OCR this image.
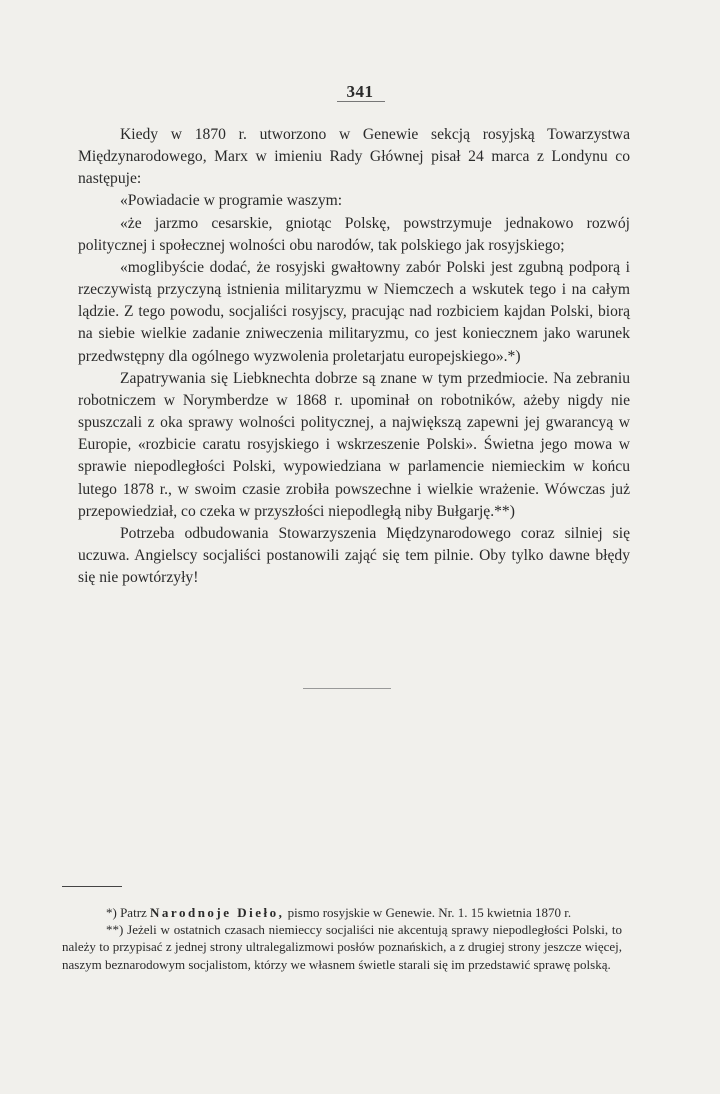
341

Kiedy w 1870 r. utworzono w Genewie sekcją rosyjską Towarzystwa Międzynarodowego, Marx w imieniu Rady Głównej pisał 24 marca z Londynu co następuje:

«Powiadacie w programie waszym:

«że jarzmo cesarskie, gniotąc Polskę, powstrzymuje jednakowo rozwój politycznej i społecznej wolności obu narodów, tak polskiego jak rosyjskiego;

«moglibyście dodać, że rosyjski gwałtowny zabór Polski jest zgubną podporą i rzeczywistą przyczyną istnienia militaryzmu w Niemczech a wskutek tego i na całym lądzie. Z tego powodu, socjaliści rosyjscy, pracując nad rozbiciem kajdan Polski, biorą na siebie wielkie zadanie zniweczenia militaryzmu, co jest koniecznem jako warunek przedwstępny dla ogólnego wyzwolenia proletarjatu europejskiego».*)

Zapatrywania się Liebknechta dobrze są znane w tym przedmiocie. Na zebraniu robotniczem w Norymberdze w 1868 r. upominał on robotników, ażeby nigdy nie spuszczali z oka sprawy wolności politycznej, a największą zapewni jej gwarancyą w Europie, «rozbicie caratu rosyjskiego i wskrzeszenie Polski». Świetna jego mowa w sprawie niepodległości Polski, wypowiedziana w parlamencie niemieckim w końcu lutego 1878 r., w swoim czasie zrobiła powszechne i wielkie wrażenie. Wówczas już przepowiedział, co czeka w przyszłości niepodległą niby Bułgarję.**)

Potrzeba odbudowania Stowarzyszenia Międzynarodowego coraz silniej się uczuwa. Angielscy socjaliści postanowili zająć się tem pilnie. Oby tylko dawne błędy się nie powtórzyły!

*) Patrz Narodnoje Dieło, pismo rosyjskie w Genewie. Nr. 1. 15 kwietnia 1870 r.

**) Jeżeli w ostatnich czasach niemieccy socjaliści nie akcentują sprawy niepodległości Polski, to należy to przypisać z jednej strony ultralegalizmowi posłów poznańskich, a z drugiej strony jeszcze więcej, naszym beznarodowym socjalistom, którzy we własnem świetle starali się im przedstawić sprawę polską.
